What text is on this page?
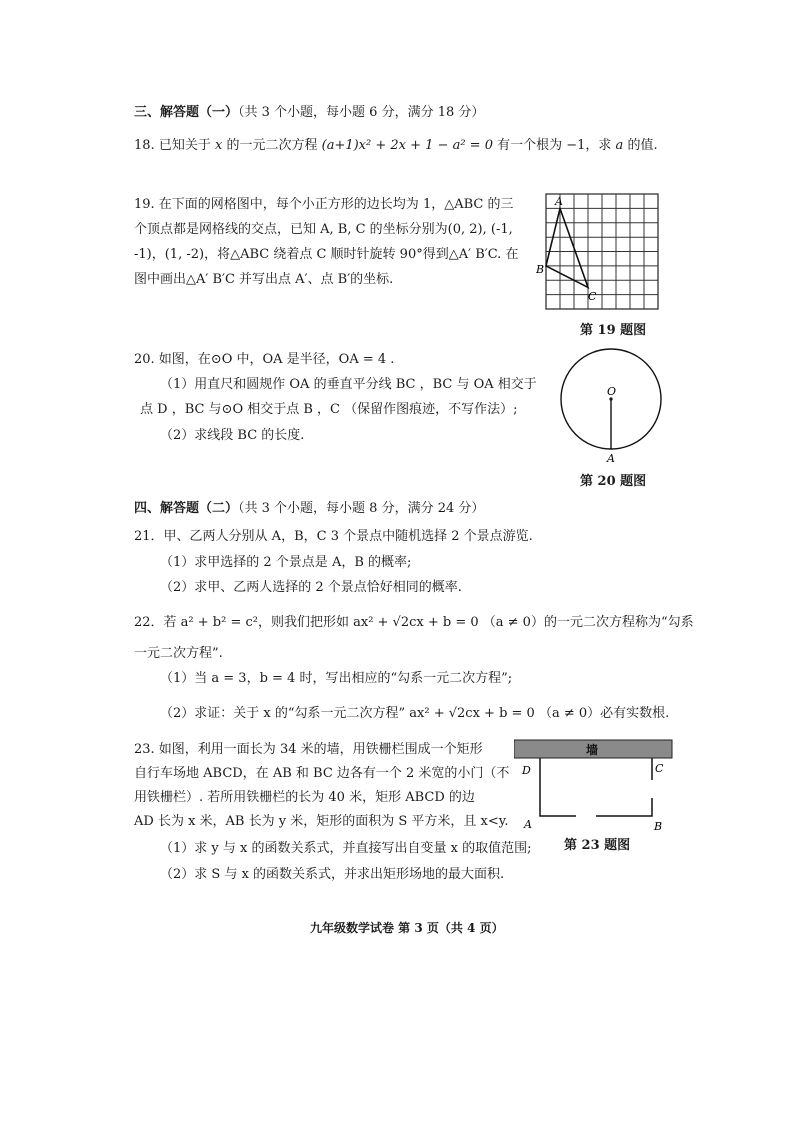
三、解答题（一）（共 3 个小题，每小题 6 分，满分 18 分）
18. 已知关于 x 的一元二次方程 (a+1)x² + 2x + 1 − a² = 0 有一个根为 −1，求 a 的值.
19. 在下面的网格图中，每个小正方形的边长均为 1，△ABC 的三
个顶点都是网格线的交点，已知 A, B, C 的坐标分别为(0, 2), (-1,
-1)，(1, -2)，将△ABC 绕着点 C 顺时针旋转 90°得到△A′ B′C. 在
图中画出△A′ B′C 并写出点 A′、点 B′的坐标.
A
B
C
第 19 题图
20. 如图，在⊙O 中，OA 是半径，OA = 4 .
（1）用直尺和圆规作 OA 的垂直平分线 BC ，BC 与 OA 相交于
点 D ，BC 与⊙O 相交于点 B ，C （保留作图痕迹，不写作法）;
（2）求线段 BC 的长度.
O
A
第 20 题图
四、解答题（二）（共 3 个小题，每小题 8 分，满分 24 分）
21．甲、乙两人分别从 A，B，C 3 个景点中随机选择 2 个景点游览.
（1）求甲选择的 2 个景点是 A，B 的概率;
（2）求甲、乙两人选择的 2 个景点恰好相同的概率.
22．若 a² + b² = c²，则我们把形如 ax² + √2cx + b = 0 （a ≠ 0）的一元二次方程称为“勾系
一元二次方程”.
（1）当 a = 3，b = 4 时，写出相应的“勾系一元二次方程”;
（2）求证：关于 x 的“勾系一元二次方程” ax² + √2cx + b = 0 （a ≠ 0）必有实数根.
23. 如图，利用一面长为 34 米的墙，用铁栅栏围成一个矩形
自行车场地 ABCD，在 AB 和 BC 边各有一个 2 米宽的小门（不
用铁栅栏）. 若所用铁栅栏的长为 40 米，矩形 ABCD 的边
AD 长为 x 米，AB 长为 y 米，矩形的面积为 S 平方米，且 x<y.
（1）求 y 与 x 的函数关系式，并直接写出自变量 x 的取值范围;
（2）求 S 与 x 的函数关系式，并求出矩形场地的最大面积.
墙
D	C
A	B
第 23 题图
九年级数学试卷 第 3 页（共 4 页）
